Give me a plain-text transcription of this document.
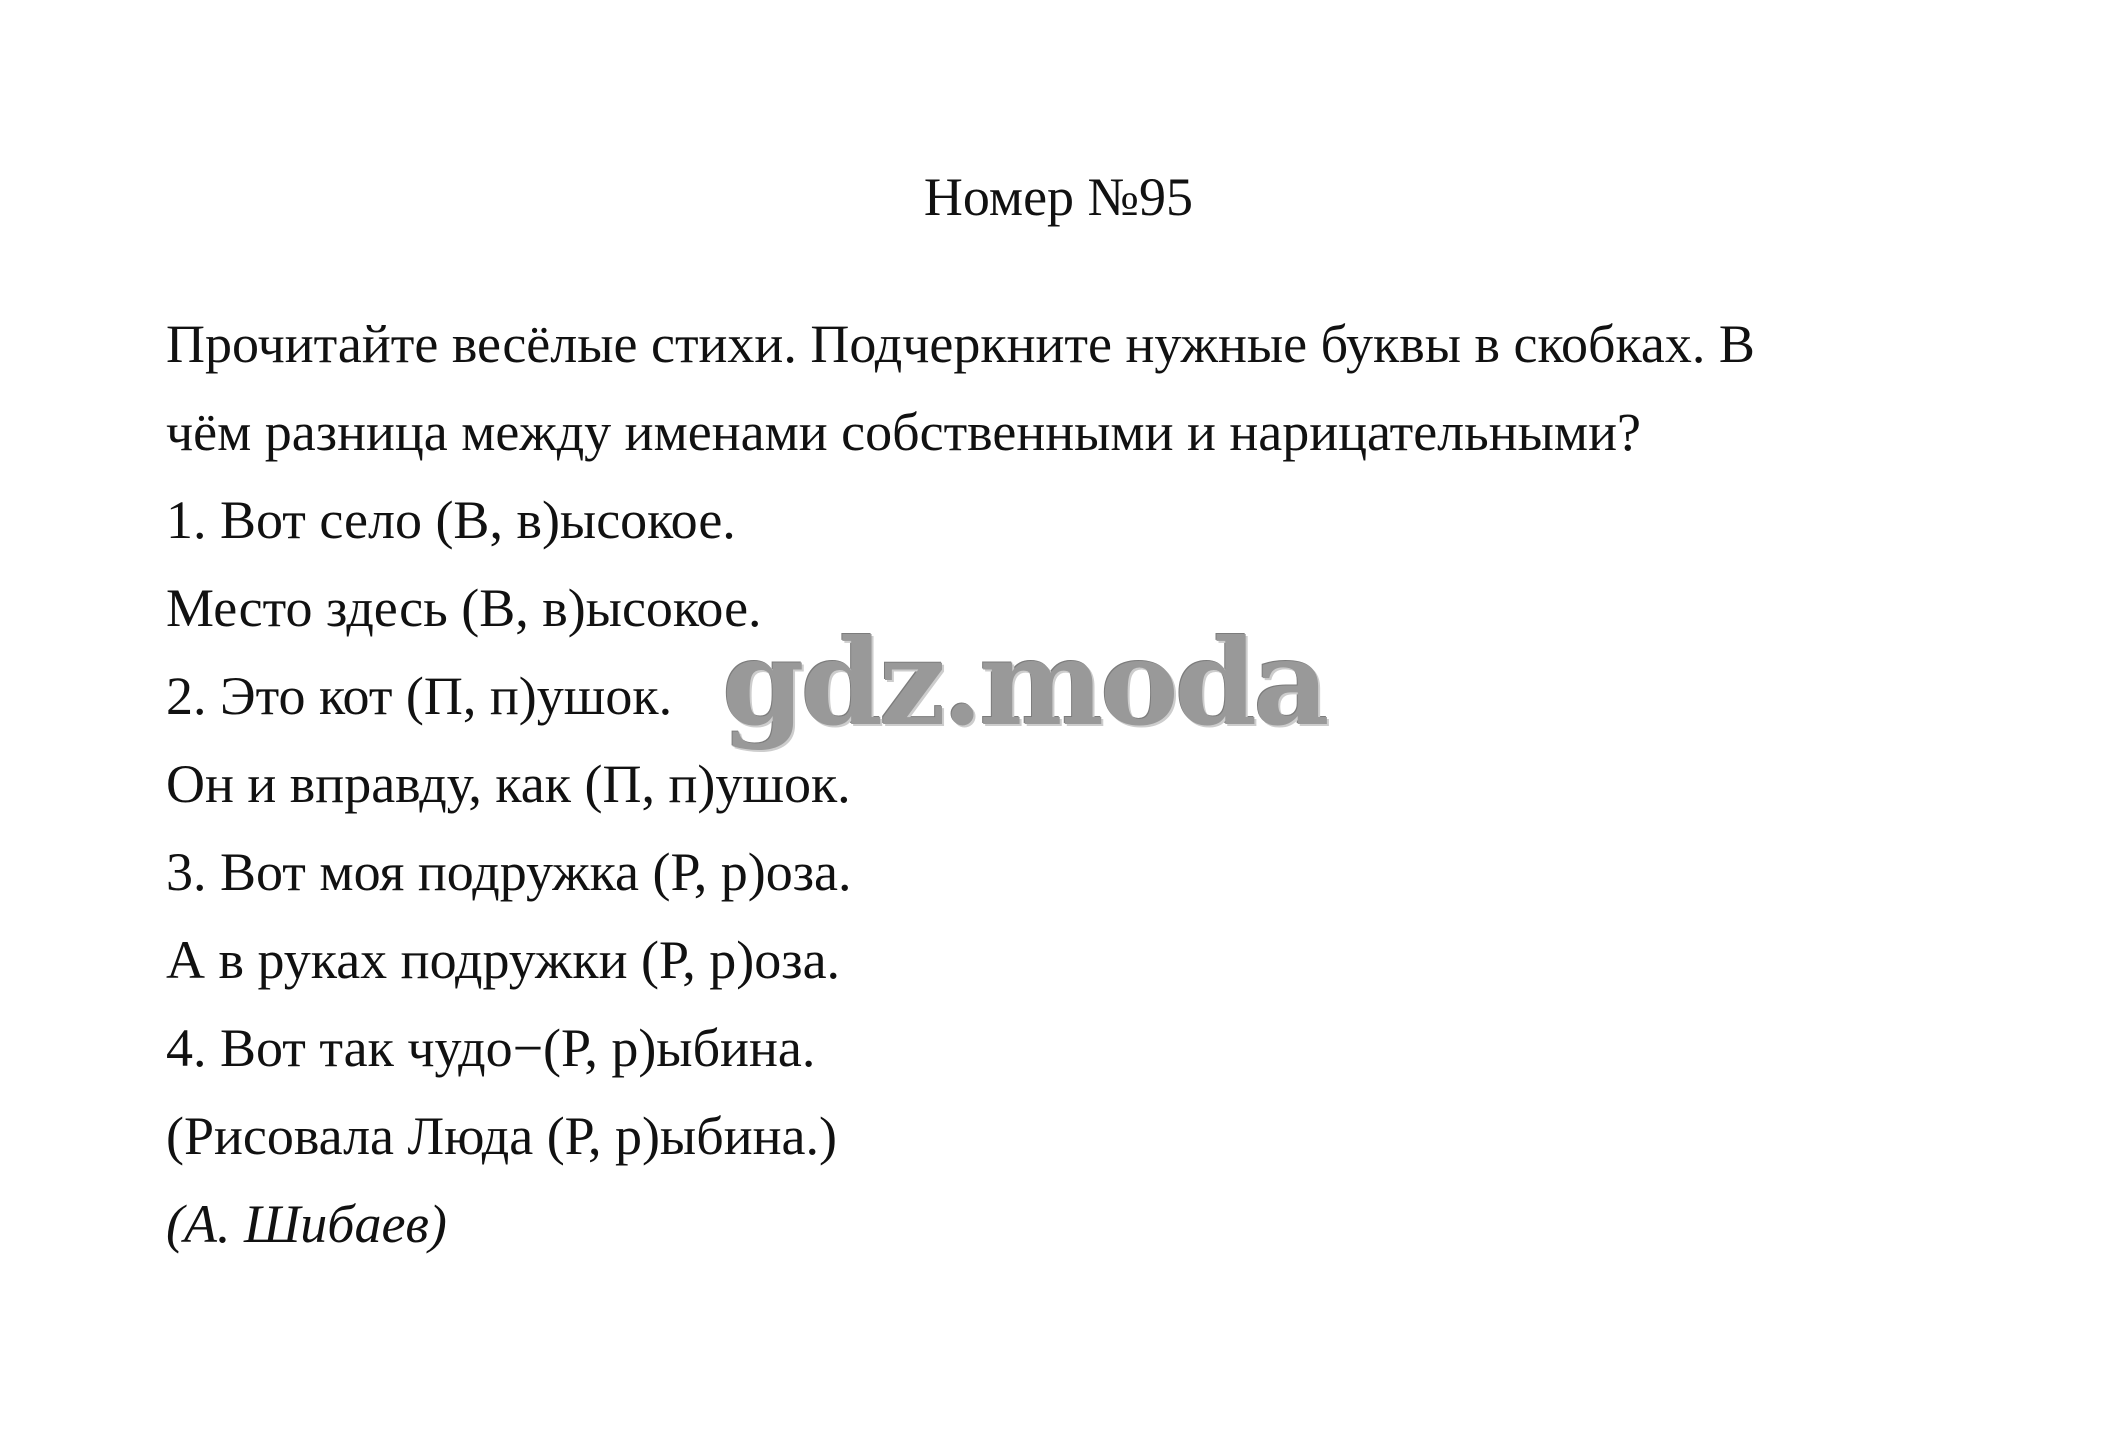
Номер №95
Прочитайте весёлые стихи. Подчеркните нужные буквы в скобках. В
чём разница между именами собственными и нарицательными?
1. Вот село (В, в)ысокое.
Место здесь (В, в)ысокое.
2. Это кот (П, п)ушок.
Он и вправду, как (П, п)ушок.
3. Вот моя подружка (Р, р)оза.
А в руках подружки (Р, р)оза.
4. Вот так чудо−(Р, р)ыбина.
(Рисовала Люда (Р, р)ыбина.)
(А. Шибаев)
gdz.moda
